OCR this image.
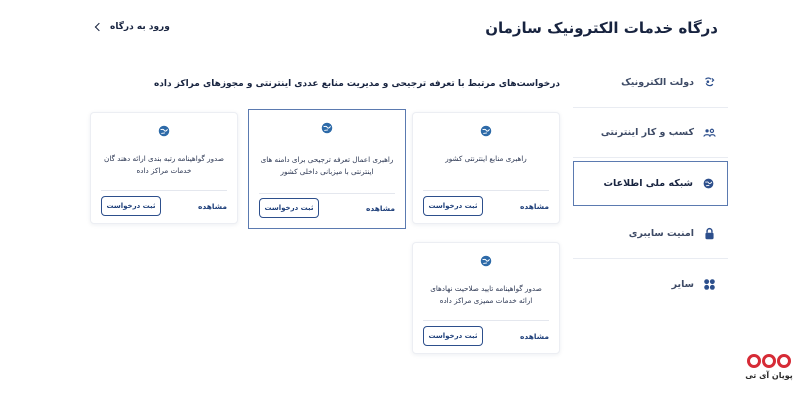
درگاه خدمات الکترونیک سازمان
ورود به درگاه
دولت الکترونیک
کسب و کار اینترنتی
شبکه ملی اطلاعات
امنیت سایبری
سایر
درخواست‌های مرتبط با تعرفه ترجیحی و مدیریت منابع عددی اینترنتی و مجوزهای مراکز داده
راهبری منابع اینترنتی کشور
مشاهده
ثبت درخواست
راهبری اعمال تعرفه ترجیحی برای دامنه های اینترنتی با میزبانی داخلی کشور
مشاهده
ثبت درخواست
صدور گواهینامه رتبه بندی ارائه دهند گان خدمات مراکز داده
مشاهده
ثبت درخواست
صدور گواهینامه تایید صلاحیت نهادهای ارائه خدمات ممیزی مراکز داده
مشاهده
ثبت درخواست
پویان آی تی
